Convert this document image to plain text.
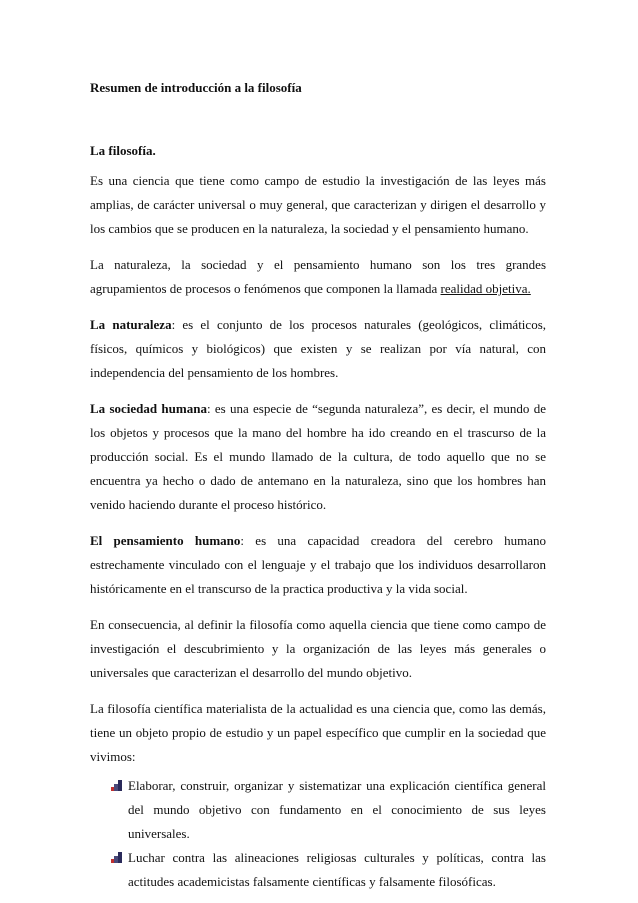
Resumen de introducción a la filosofía
La filosofía.

Es una ciencia que tiene como campo de estudio la investigación de las leyes más amplias, de carácter universal o muy general, que caracterizan y dirigen el desarrollo y los cambios que se producen en la naturaleza, la sociedad y el pensamiento humano.

La naturaleza, la sociedad y el pensamiento humano son los tres grandes agrupamientos de procesos o fenómenos que componen la llamada realidad objetiva.

La naturaleza: es el conjunto de los procesos naturales (geológicos, climáticos, físicos, químicos y biológicos) que existen y se realizan por vía natural, con independencia del pensamiento de los hombres.

La sociedad humana: es una especie de “segunda naturaleza”, es decir, el mundo de los objetos y procesos que la mano del hombre ha ido creando en el trascurso de la producción social. Es el mundo llamado de la cultura, de todo aquello que no se encuentra ya hecho o dado de antemano en la naturaleza, sino que los hombres han venido haciendo durante el proceso histórico.

El pensamiento humano: es una capacidad creadora del cerebro humano estrechamente vinculado con el lenguaje y el trabajo que los individuos desarrollaron históricamente en el transcurso de la practica productiva y la vida social.

En consecuencia, al definir la filosofía como aquella ciencia que tiene como campo de investigación el descubrimiento y la organización de las leyes más generales o universales que caracterizan el desarrollo del mundo objetivo.

La filosofía científica materialista de la actualidad es una ciencia que, como las demás, tiene un objeto propio de estudio y un papel específico que cumplir en la sociedad que vivimos:

Elaborar, construir, organizar y sistematizar una explicación científica general del mundo objetivo con fundamento en el conocimiento de sus leyes universales.
Luchar contra las alineaciones religiosas culturales y políticas, contra las actitudes academicistas falsamente científicas y falsamente filosóficas.
